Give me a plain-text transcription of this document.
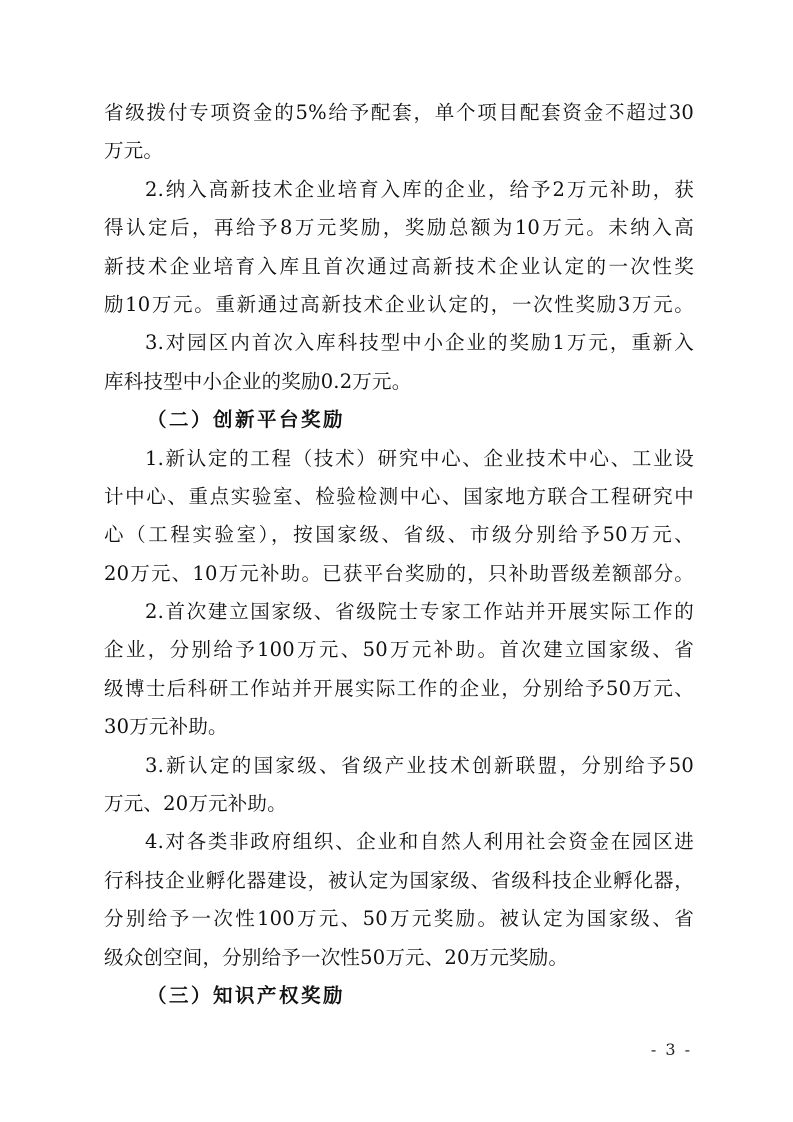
省级拨付专项资金的5%给予配套，单个项目配套资金不超过30
万元。
2.纳入高新技术企业培育入库的企业，给予2万元补助，获
得认定后，再给予8万元奖励，奖励总额为10万元。未纳入高
新技术企业培育入库且首次通过高新技术企业认定的一次性奖
励10万元。重新通过高新技术企业认定的，一次性奖励3万元。
3.对园区内首次入库科技型中小企业的奖励1万元，重新入
库科技型中小企业的奖励0.2万元。
（二）创新平台奖励
1.新认定的工程（技术）研究中心、企业技术中心、工业设
计中心、重点实验室、检验检测中心、国家地方联合工程研究中
心（工程实验室），按国家级、省级、市级分别给予50万元、
20万元、10万元补助。已获平台奖励的，只补助晋级差额部分。
2.首次建立国家级、省级院士专家工作站并开展实际工作的
企业，分别给予100万元、50万元补助。首次建立国家级、省
级博士后科研工作站并开展实际工作的企业，分别给予50万元、
30万元补助。
3.新认定的国家级、省级产业技术创新联盟，分别给予50
万元、20万元补助。
4.对各类非政府组织、企业和自然人利用社会资金在园区进
行科技企业孵化器建设，被认定为国家级、省级科技企业孵化器，
分别给予一次性100万元、50万元奖励。被认定为国家级、省
级众创空间，分别给予一次性50万元、20万元奖励。
（三）知识产权奖励
- 3 -
